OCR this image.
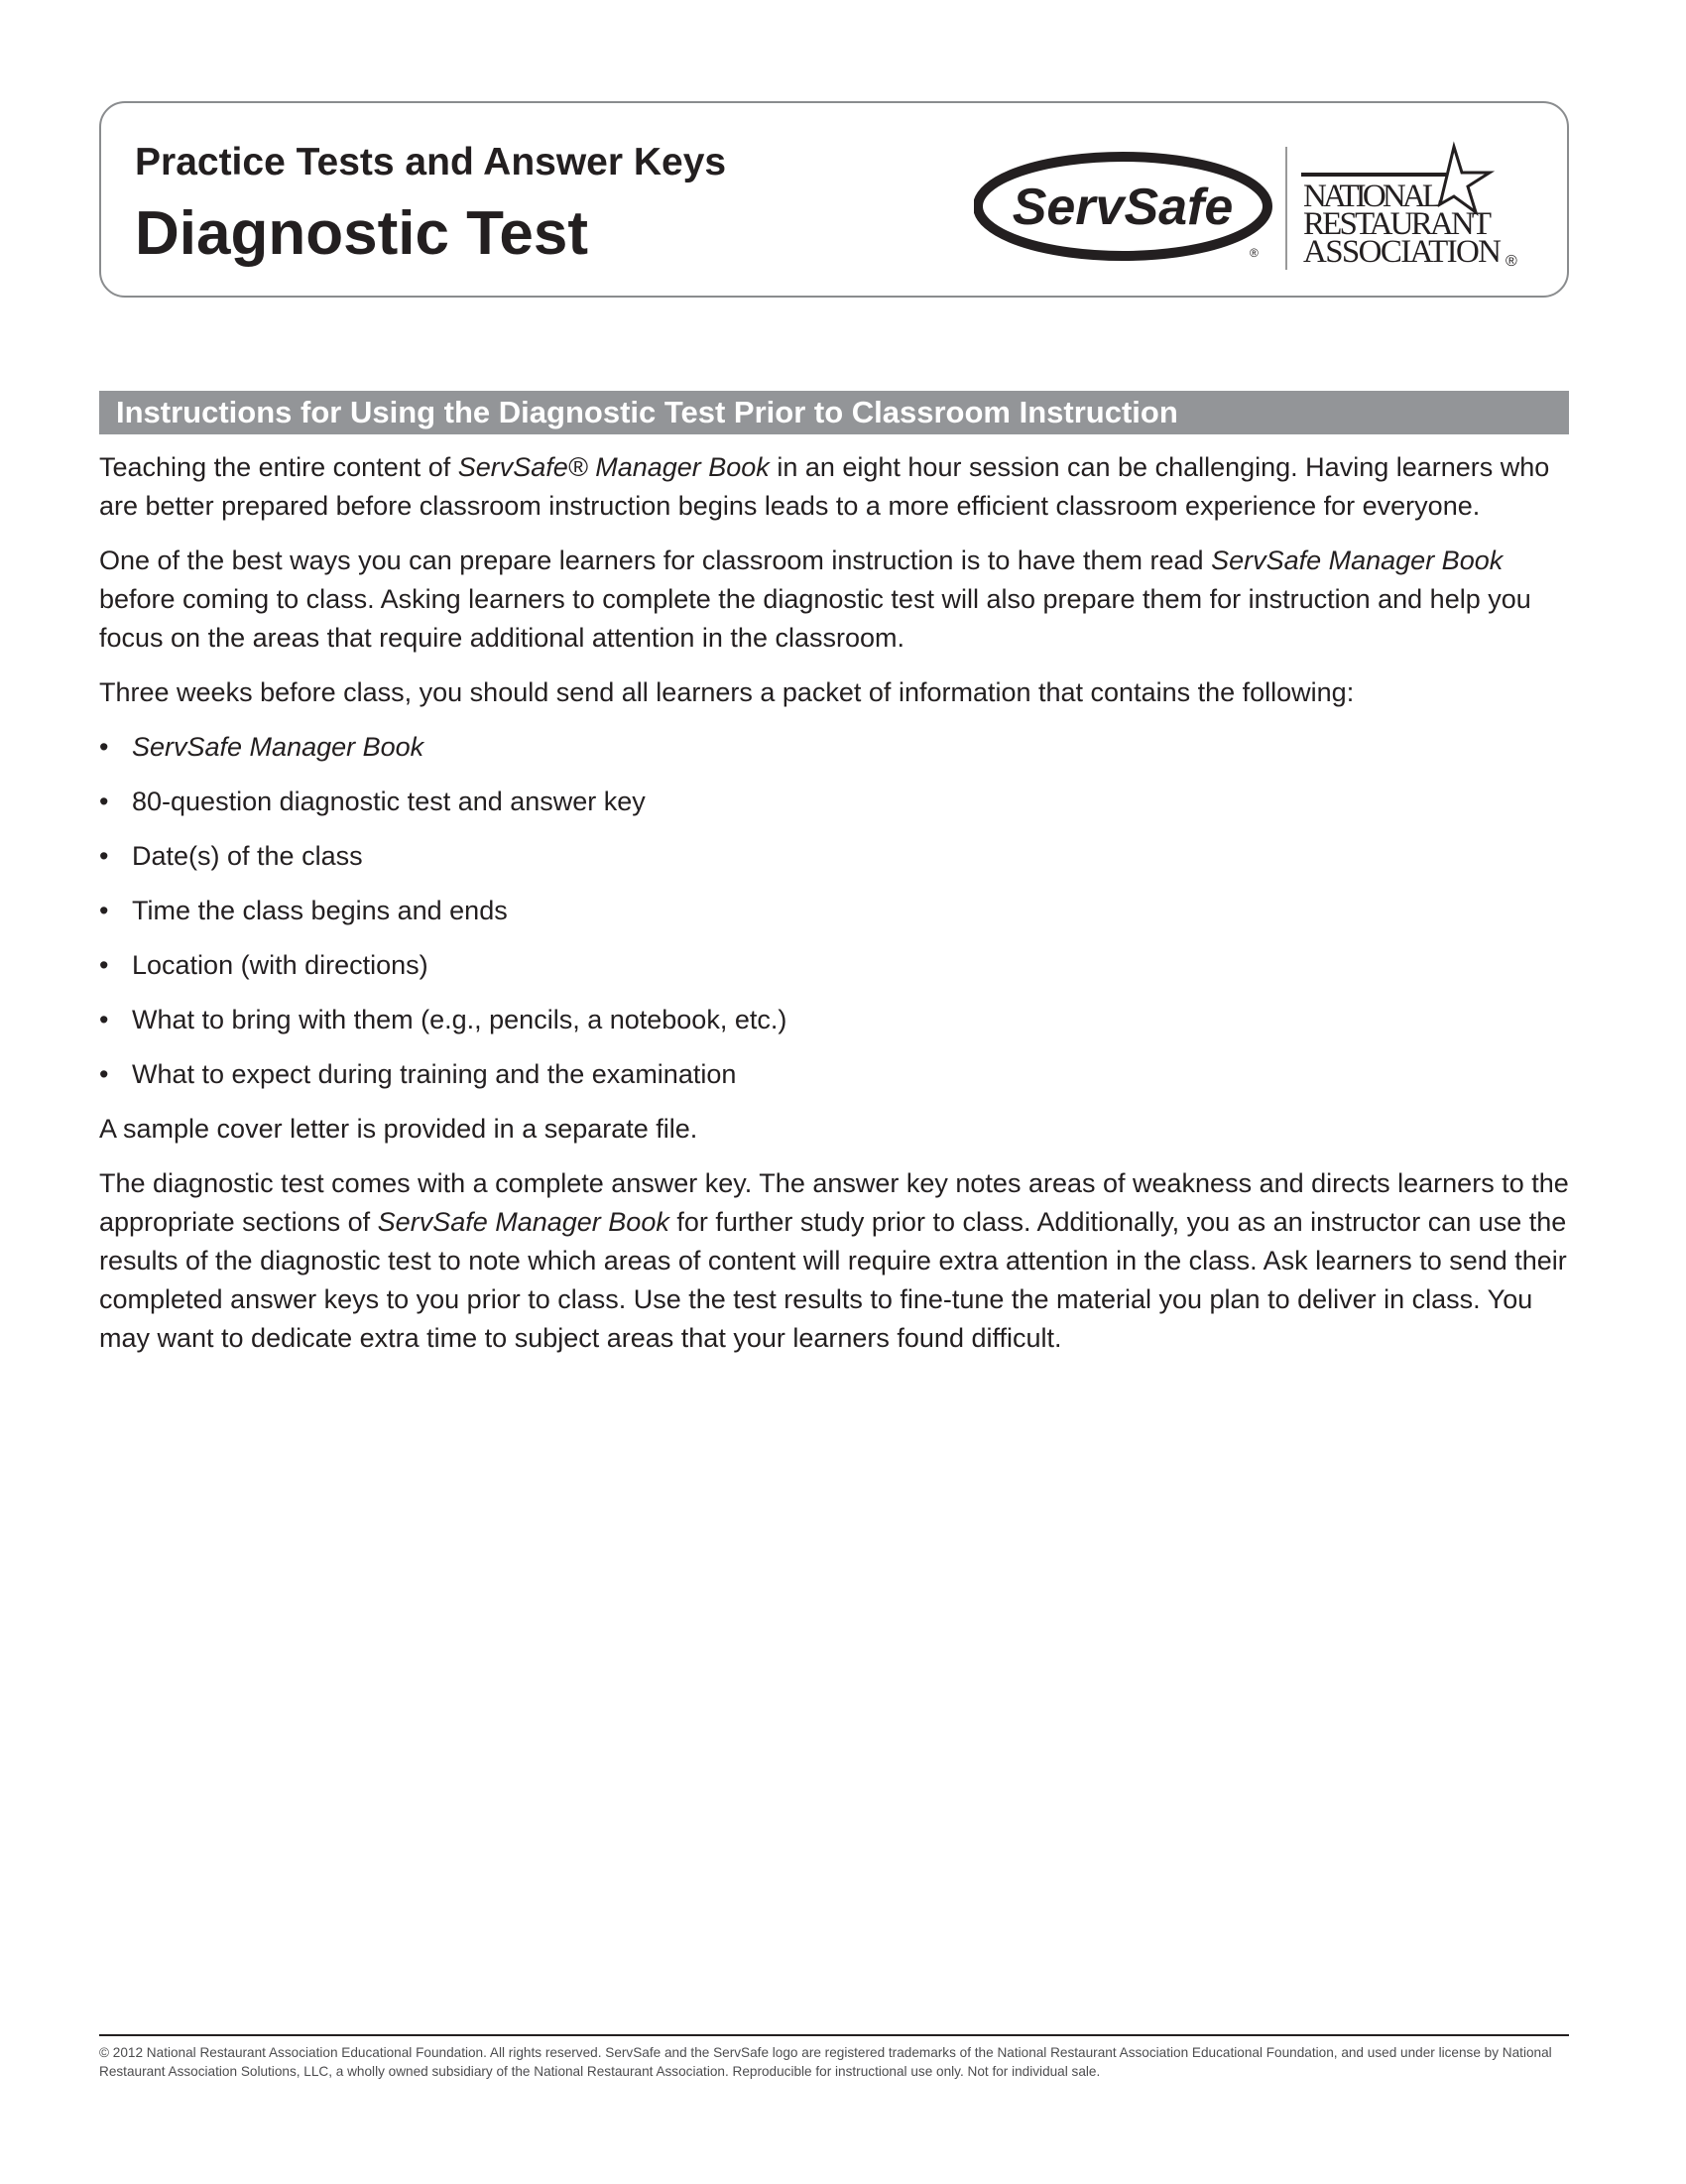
Practice Tests and Answer Keys
Diagnostic Test	ServSafe
®
NATIONAL
RESTAURANT
ASSOCIATION ®
Instructions for Using the Diagnostic Test Prior to Classroom Instruction

Teaching the entire content of ServSafe® Manager Book in an eight hour session can be challenging. Having learners who are better prepared before classroom instruction begins leads to a more efficient classroom experience for everyone.

One of the best ways you can prepare learners for classroom instruction is to have them read ServSafe Manager Book before coming to class. Asking learners to complete the diagnostic test will also prepare them for instruction and help you focus on the areas that require additional attention in the classroom.

Three weeks before class, you should send all learners a packet of information that contains the following:

• ServSafe Manager Book
• 80-question diagnostic test and answer key
• Date(s) of the class
• Time the class begins and ends
• Location (with directions)
• What to bring with them (e.g., pencils, a notebook, etc.)
• What to expect during training and the examination

A sample cover letter is provided in a separate file.

The diagnostic test comes with a complete answer key. The answer key notes areas of weakness and directs learners to the appropriate sections of ServSafe Manager Book for further study prior to class. Additionally, you as an instructor can use the results of the diagnostic test to note which areas of content will require extra attention in the class. Ask learners to send their completed answer keys to you prior to class. Use the test results to fine-tune the material you plan to deliver in class. You may want to dedicate extra time to subject areas that your learners found difficult.

© 2012 National Restaurant Association Educational Foundation. All rights reserved. ServSafe and the ServSafe logo are registered trademarks of the National Restaurant Association Educational Foundation, and used under license by National Restaurant Association Solutions, LLC, a wholly owned subsidiary of the National Restaurant Association. Reproducible for instructional use only. Not for individual sale.
